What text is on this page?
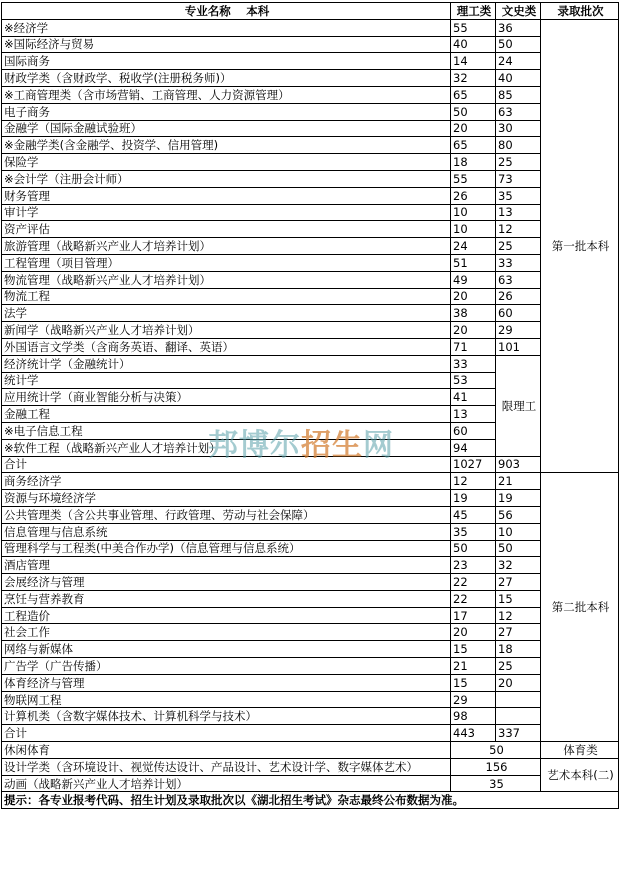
专业名称　 本科	理工类	文史类	录取批次
※经济学	55	36	第一批本科
※国际经济与贸易	40	50	
国际商务	14	24	
财政学类（含财政学、税收学(注册税务师)）	32	40	
※工商管理类（含市场营销、工商管理、人力资源管理）	65	85	
电子商务	50	63	
金融学（国际金融试验班）	20	30	
※金融学类(含金融学、投资学、信用管理)	65	80	
保险学	18	25	
※会计学（注册会计师）	55	73	
财务管理	26	35	
审计学	10	13	
资产评估	10	12	
旅游管理（战略新兴产业人才培养计划）	24	25	
工程管理（项目管理）	51	33	
物流管理（战略新兴产业人才培养计划）	49	63	
物流工程	20	26	
法学	38	60	
新闻学（战略新兴产业人才培养计划）	20	29	
外国语言文学类（含商务英语、翻译、英语）	71	101	
经济统计学（金融统计）	33	限理工	
统计学	53		
应用统计学（商业智能分析与决策）	41		
金融工程	13		
※电子信息工程	60		
※软件工程（战略新兴产业人才培养计划）	94		
合计	1027	903	
商务经济学	12	21	第二批本科
资源与环境经济学	19	19	
公共管理类（含公共事业管理、行政管理、劳动与社会保障）	45	56	
信息管理与信息系统	35	10	
管理科学与工程类(中美合作办学)（信息管理与信息系统）	50	50	
酒店管理	23	32	
会展经济与管理	22	27	
烹饪与营养教育	22	15	
工程造价	17	12	
社会工作	20	27	
网络与新媒体	15	18	
广告学（广告传播）	21	25	
体育经济与管理	15	20	
物联网工程	29		
计算机类（含数字媒体技术、计算机科学与技术）	98		
合计	443	337	
休闲体育	50		体育类
设计学类（含环境设计、视觉传达设计、产品设计、艺术设计学、数字媒体艺术）	156		艺术本科(二)
动画（战略新兴产业人才培养计划）	35		
提示：各专业报考代码、招生计划及录取批次以《湖北招生考试》杂志最终公布数据为准。			
邦博尔招生网
